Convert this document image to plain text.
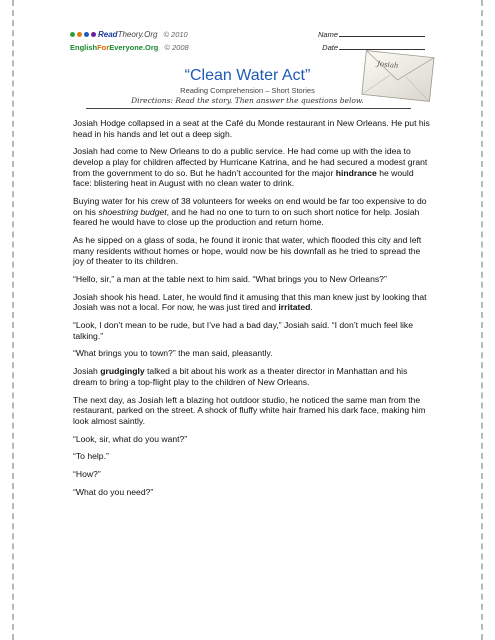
ReadTheory.Org © 2010	Name
EnglishForEveryone.Org © 2008	Date
Josiah
“Clean Water Act”
Reading Comprehension – Short Stories
Directions: Read the story. Then answer the questions below.

Josiah Hodge collapsed in a seat at the Café du Monde restaurant in New Orleans. He put his head in his hands and let out a deep sigh.

Josiah had come to New Orleans to do a public service. He had come up with the idea to develop a play for children affected by Hurricane Katrina, and he had secured a modest grant from the government to do so. But he hadn’t accounted for the major hindrance he would face: blistering heat in August with no clean water to drink.

Buying water for his crew of 38 volunteers for weeks on end would be far too expensive to do on his shoestring budget, and he had no one to turn to on such short notice for help. Josiah feared he would have to close up the production and return home.

As he sipped on a glass of soda, he found it ironic that water, which flooded this city and left many residents without homes or hope, would now be his downfall as he tried to spread the joy of theater to its children.

“Hello, sir,” a man at the table next to him said. “What brings you to New Orleans?”

Josiah shook his head. Later, he would find it amusing that this man knew just by looking that Josiah was not a local. For now, he was just tired and irritated.

“Look, I don’t mean to be rude, but I’ve had a bad day,” Josiah said. “I don’t much feel like talking.”

“What brings you to town?” the man said, pleasantly.

Josiah grudgingly talked a bit about his work as a theater director in Manhattan and his dream to bring a top-flight play to the children of New Orleans.

The next day, as Josiah left a blazing hot outdoor studio, he noticed the same man from the restaurant, parked on the street. A shock of fluffy white hair framed his dark face, making him look almost saintly.

“Look, sir, what do you want?”

“To help.”

“How?”

“What do you need?”
